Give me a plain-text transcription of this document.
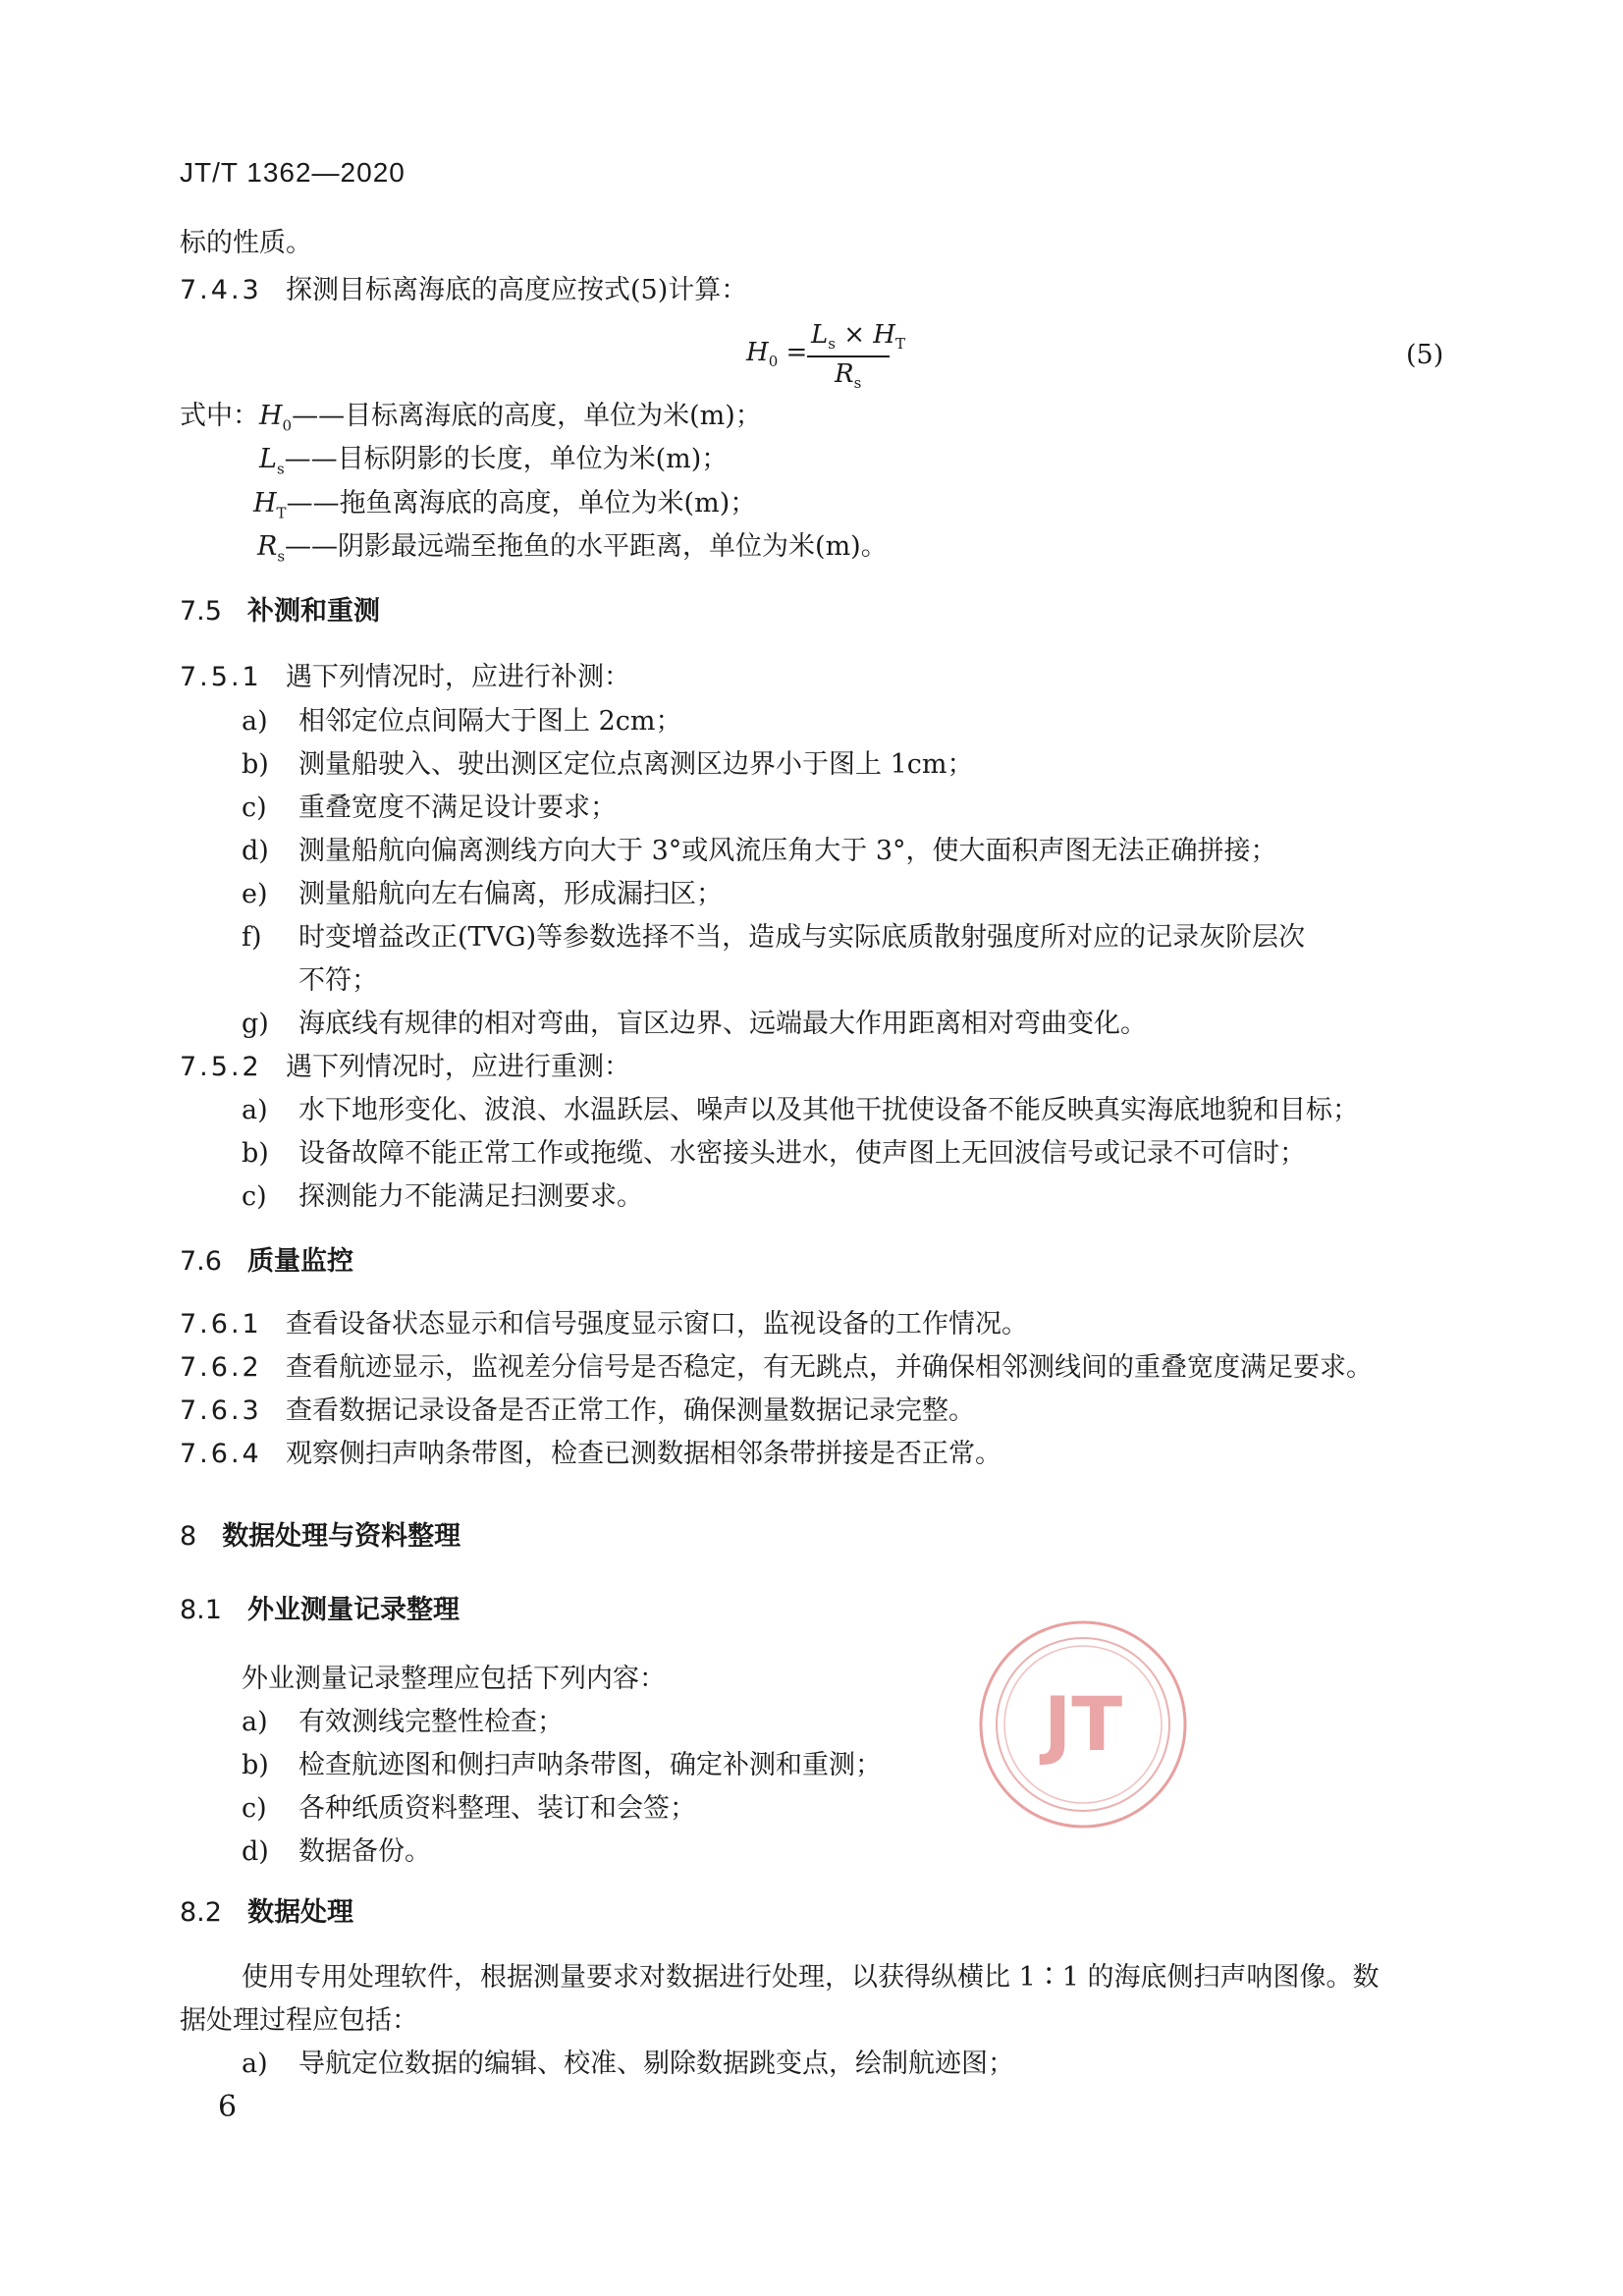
JT/T 1362—2020
标的性质。
7.4.3 探测目标离海底的高度应按式(5)计算：
$H_0$ =
$L_s \times H_T$
$R_s$
(5)
式中：$H_0——$目标离海底的高度，单位为米(m)；
$L_s——$目标阴影的长度，单位为米(m)；
$H_T——$拖鱼离海底的高度，单位为米(m)；
$R_s——$阴影最远端至拖鱼的水平距离，单位为米(m)。
7.5 补测和重测
7.5.1 遇下列情况时，应进行补测：
a) 相邻定位点间隔大于图上 2cm；
b) 测量船驶入、驶出测区定位点离测区边界小于图上 1cm；
c) 重叠宽度不满足设计要求；
d) 测量船航向偏离测线方向大于 3°或风流压角大于 3°，使大面积声图无法正确拼接；
e) 测量船航向左右偏离，形成漏扫区；
f) 时变增益改正(TVG)等参数选择不当，造成与实际底质散射强度所对应的记录灰阶层次
不符；
g) 海底线有规律的相对弯曲，盲区边界、远端最大作用距离相对弯曲变化。
7.5.2 遇下列情况时，应进行重测：
a) 水下地形变化、波浪、水温跃层、噪声以及其他干扰使设备不能反映真实海底地貌和目标；
b) 设备故障不能正常工作或拖缆、水密接头进水，使声图上无回波信号或记录不可信时；
c) 探测能力不能满足扫测要求。
7.6 质量监控
7.6.1 查看设备状态显示和信号强度显示窗口，监视设备的工作情况。
7.6.2 查看航迹显示，监视差分信号是否稳定，有无跳点，并确保相邻测线间的重叠宽度满足要求。
7.6.3 查看数据记录设备是否正常工作，确保测量数据记录完整。
7.6.4 观察侧扫声呐条带图，检查已测数据相邻条带拼接是否正常。
8 数据处理与资料整理
8.1 外业测量记录整理
外业测量记录整理应包括下列内容：
a) 有效测线完整性检查；
b) 检查航迹图和侧扫声呐条带图，确定补测和重测；
c) 各种纸质资料整理、装订和会签；
d) 数据备份。
JT
8.2 数据处理
使用专用处理软件，根据测量要求对数据进行处理，以获得纵横比 1∶1 的海底侧扫声呐图像。数
据处理过程应包括：
a) 导航定位数据的编辑、校准、剔除数据跳变点，绘制航迹图；
6
